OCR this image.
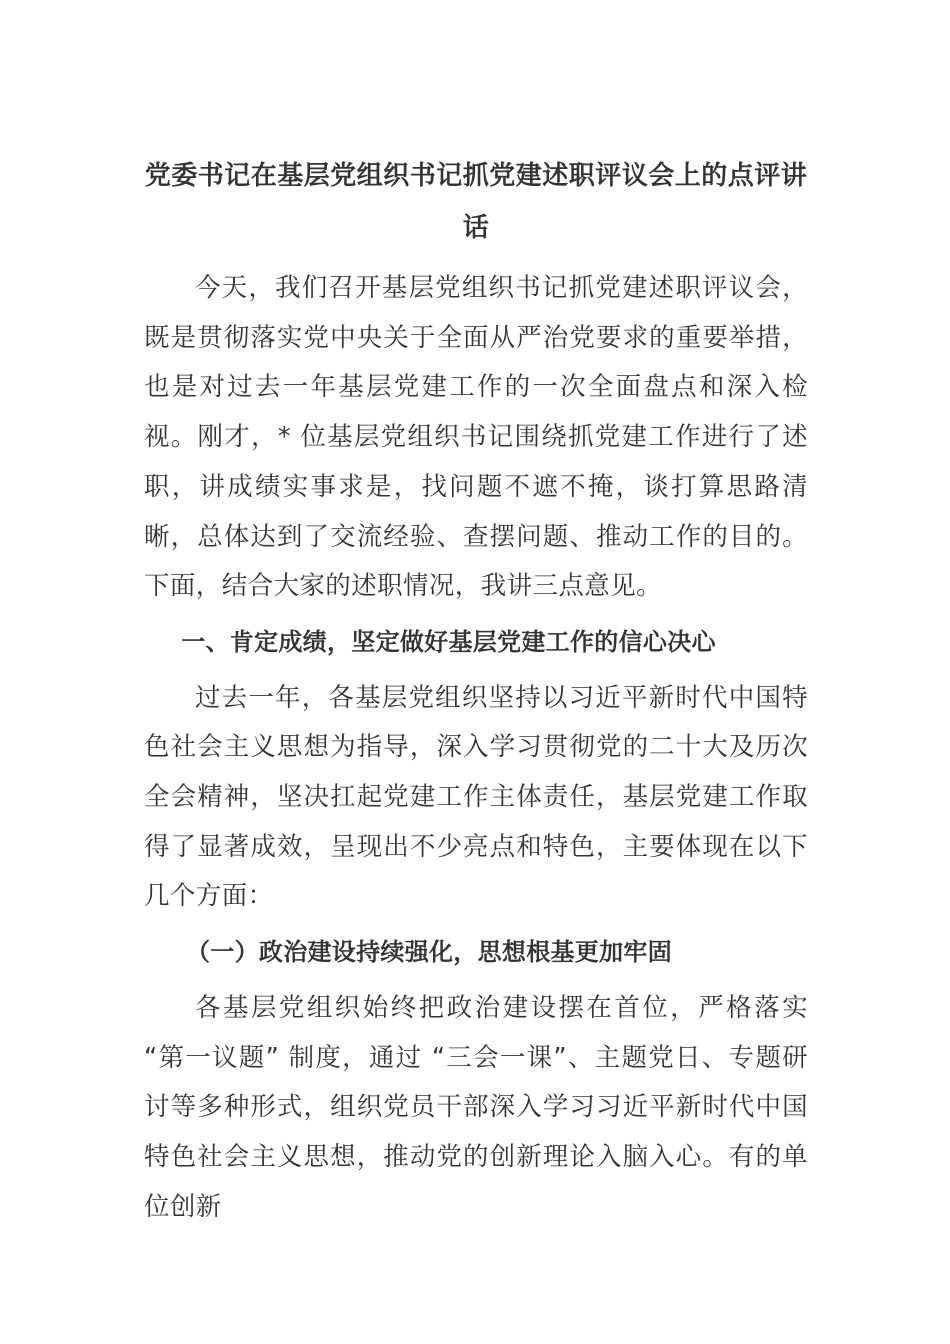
党委书记在基层党组织书记抓党建述职评议会上的点评讲话

今天，我们召开基层党组织书记抓党建述职评议会，既是贯彻落实党中央关于全面从严治党要求的重要举措，也是对过去一年基层党建工作的一次全面盘点和深入检视。刚才，* 位基层党组织书记围绕抓党建工作进行了述职，讲成绩实事求是，找问题不遮不掩，谈打算思路清晰，总体达到了交流经验、查摆问题、推动工作的目的。下面，结合大家的述职情况，我讲三点意见。

一、肯定成绩，坚定做好基层党建工作的信心决心

过去一年，各基层党组织坚持以习近平新时代中国特色社会主义思想为指导，深入学习贯彻党的二十大及历次全会精神，坚决扛起党建工作主体责任，基层党建工作取得了显著成效，呈现出不少亮点和特色，主要体现在以下几个方面：

（一）政治建设持续强化，思想根基更加牢固

各基层党组织始终把政治建设摆在首位，严格落实 “第一议题” 制度，通过 “三会一课”、主题党日、专题研讨等多种形式，组织党员干部深入学习习近平新时代中国特色社会主义思想，推动党的创新理论入脑入心。有的单位创新
